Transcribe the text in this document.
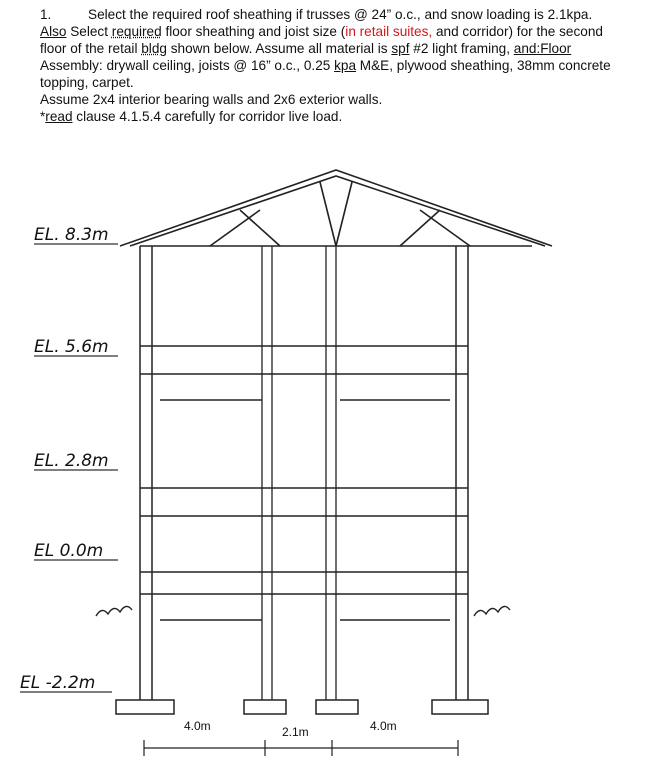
1.	Select the required roof sheathing if trusses @ 24” o.c., and snow loading is 2.1kpa.

Also Select required floor sheathing and joist size (in retail suites, and corridor) for the second

floor of the retail bldg shown below. Assume all material is spf #2 light framing, and:Floor

Assembly: drywall ceiling, joists @ 16” o.c., 0.25 kpa M&E, plywood sheathing, 38mm concrete

topping, carpet.

Assume 2x4 interior bearing walls and 2x6 exterior walls.

*read clause 4.1.5.4 carefully for corridor live load.

EL. 8.3m
EL. 5.6m
EL. 2.8m
EL 0.0m
EL -2.2m
4.0m	2.1m	4.0m
